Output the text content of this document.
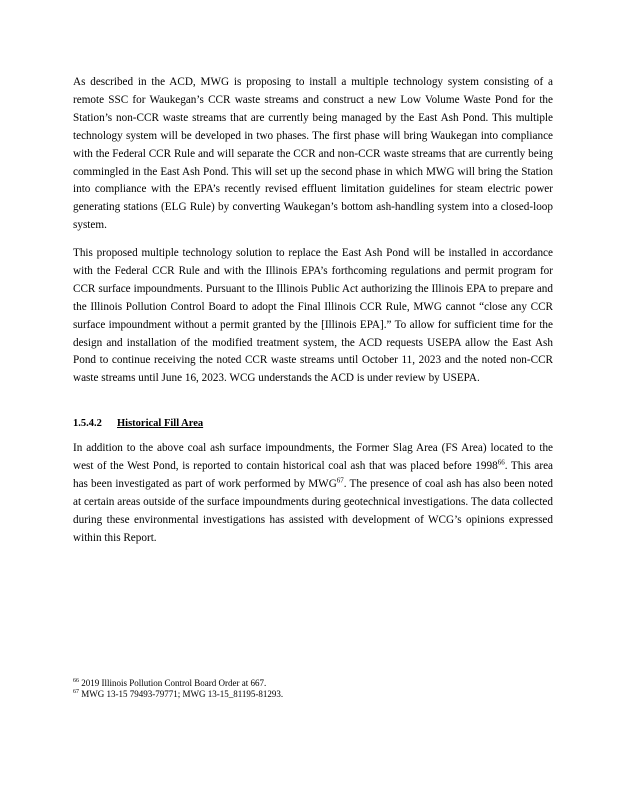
As described in the ACD, MWG is proposing to install a multiple technology system consisting of a remote SSC for Waukegan’s CCR waste streams and construct a new Low Volume Waste Pond for the Station’s non-CCR waste streams that are currently being managed by the East Ash Pond. This multiple technology system will be developed in two phases. The first phase will bring Waukegan into compliance with the Federal CCR Rule and will separate the CCR and non-CCR waste streams that are currently being commingled in the East Ash Pond. This will set up the second phase in which MWG will bring the Station into compliance with the EPA’s recently revised effluent limitation guidelines for steam electric power generating stations (ELG Rule) by converting Waukegan’s bottom ash-handling system into a closed-loop system.

This proposed multiple technology solution to replace the East Ash Pond will be installed in accordance with the Federal CCR Rule and with the Illinois EPA’s forthcoming regulations and permit program for CCR surface impoundments. Pursuant to the Illinois Public Act authorizing the Illinois EPA to prepare and the Illinois Pollution Control Board to adopt the Final Illinois CCR Rule, MWG cannot “close any CCR surface impoundment without a permit granted by the [Illinois EPA].” To allow for sufficient time for the design and installation of the modified treatment system, the ACD requests USEPA allow the East Ash Pond to continue receiving the noted CCR waste streams until October 11, 2023 and the noted non-CCR waste streams until June 16, 2023. WCG understands the ACD is under review by USEPA.

1.5.4.2 Historical Fill Area

In addition to the above coal ash surface impoundments, the Former Slag Area (FS Area) located to the west of the West Pond, is reported to contain historical coal ash that was placed before 1998$^{66}$. This area has been investigated as part of work performed by MWG$^{67}$. The presence of coal ash has also been noted at certain areas outside of the surface impoundments during geotechnical investigations. The data collected during these environmental investigations has assisted with development of WCG’s opinions expressed within this Report.

$^{66}$ 2019 Illinois Pollution Control Board Order at 667.
$^{67}$ MWG 13-15 79493-79771; MWG 13-15_81195-81293.
